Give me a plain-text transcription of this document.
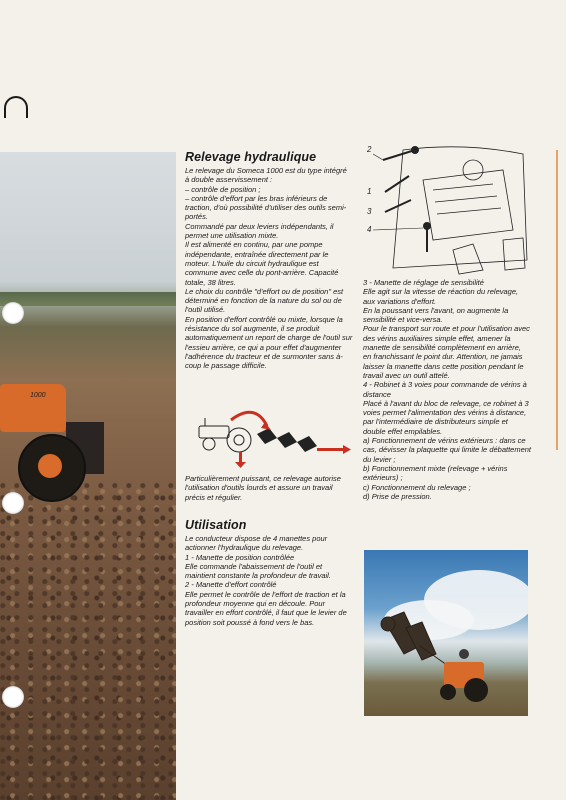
1000
Relevage hydraulique

Le relevage du Someca 1000 est du type intégré à double asservissement :

– contrôle de position ;

– contrôle d'effort par les bras inférieurs de traction, d'où possibilité d'utiliser des outils semi-portés.

Commandé par deux leviers indépendants, il permet une utilisation mixte.

Il est alimenté en continu, par une pompe indépendante, entraînée directement par le moteur. L'huile du circuit hydraulique est commune avec celle du pont-arrière. Capacité totale, 38 litres.

Le choix du contrôle "d'effort ou de position" est déterminé en fonction de la nature du sol ou de l'outil utilisé.

En position d'effort contrôlé ou mixte, lorsque la résistance du sol augmente, il se produit automatiquement un report de charge de l'outil sur l'essieu arrière, ce qui a pour effet d'augmenter l'adhérence du tracteur et de surmonter sans à-coup le passage difficile.

Particulièrement puissant, ce relevage autorise l'utilisation d'outils lourds et assure un travail précis et régulier.

Utilisation

Le conducteur dispose de 4 manettes pour actionner l'hydraulique du relevage.

1 - Manette de position contrôlée

Elle commande l'abaissement de l'outil et maintient constante la profondeur de travail.

2 - Manette d'effort contrôlé

Elle permet le contrôle de l'effort de traction et la profondeur moyenne qui en découle. Pour travailler en effort contrôlé, il faut que le levier de position soit poussé à fond vers le bas.

2
1
3
4

3 - Manette de réglage de sensibilité

Elle agit sur la vitesse de réaction du relevage, aux variations d'effort.

En la poussant vers l'avant, on augmente la sensibilité et vice-versa.

Pour le transport sur route et pour l'utilisation avec des vérins auxiliaires simple effet, amener la manette de sensibilité complètement en arrière, en franchissant le point dur. Attention, ne jamais laisser la manette dans cette position pendant le travail avec un outil attelé.

4 - Robinet à 3 voies pour commande de vérins à distance

Placé à l'avant du bloc de relevage, ce robinet à 3 voies permet l'alimentation des vérins à distance, par l'intermédiaire de distributeurs simple et double effet empilables.

a) Fonctionnement de vérins extérieurs : dans ce cas, dévisser la plaquette qui limite le débattement du levier ;

b) Fonctionnement mixte (relevage + vérins extérieurs) ;

c) Fonctionnement du relevage ;

d) Prise de pression.
